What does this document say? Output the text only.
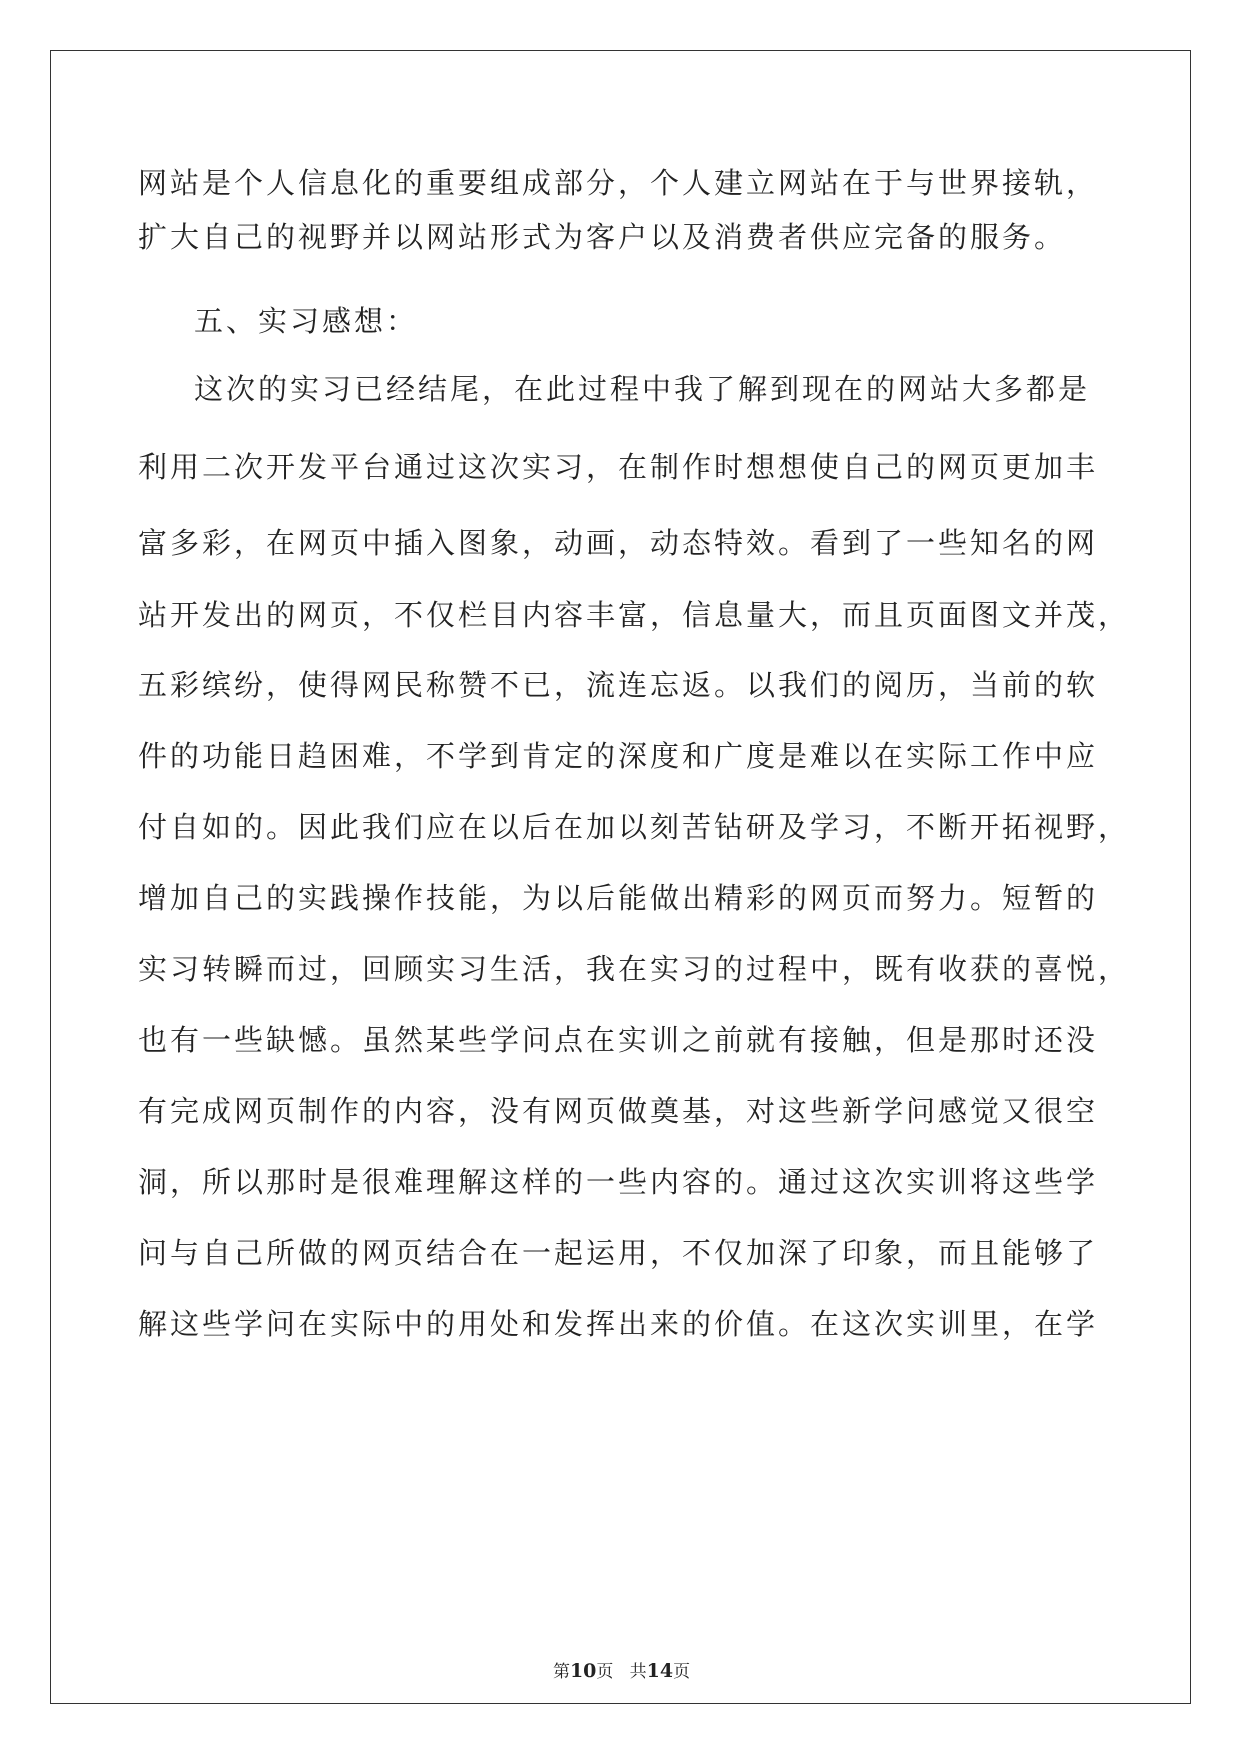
网站是个人信息化的重要组成部分，个人建立网站在于与世界接轨，
扩大自己的视野并以网站形式为客户以及消费者供应完备的服务。
五、实习感想：
这次的实习已经结尾，在此过程中我了解到现在的网站大多都是
利用二次开发平台通过这次实习，在制作时想想使自己的网页更加丰
富多彩，在网页中插入图象，动画，动态特效。看到了一些知名的网
站开发出的网页，不仅栏目内容丰富，信息量大，而且页面图文并茂，
五彩缤纷，使得网民称赞不已，流连忘返。以我们的阅历，当前的软
件的功能日趋困难，不学到肯定的深度和广度是难以在实际工作中应
付自如的。因此我们应在以后在加以刻苦钻研及学习，不断开拓视野，
增加自己的实践操作技能，为以后能做出精彩的网页而努力。短暂的
实习转瞬而过，回顾实习生活，我在实习的过程中，既有收获的喜悦，
也有一些缺憾。虽然某些学问点在实训之前就有接触，但是那时还没
有完成网页制作的内容，没有网页做奠基，对这些新学问感觉又很空
洞，所以那时是很难理解这样的一些内容的。通过这次实训将这些学
问与自己所做的网页结合在一起运用，不仅加深了印象，而且能够了
解这些学问在实际中的用处和发挥出来的价值。在这次实训里，在学
第10页 共14页
